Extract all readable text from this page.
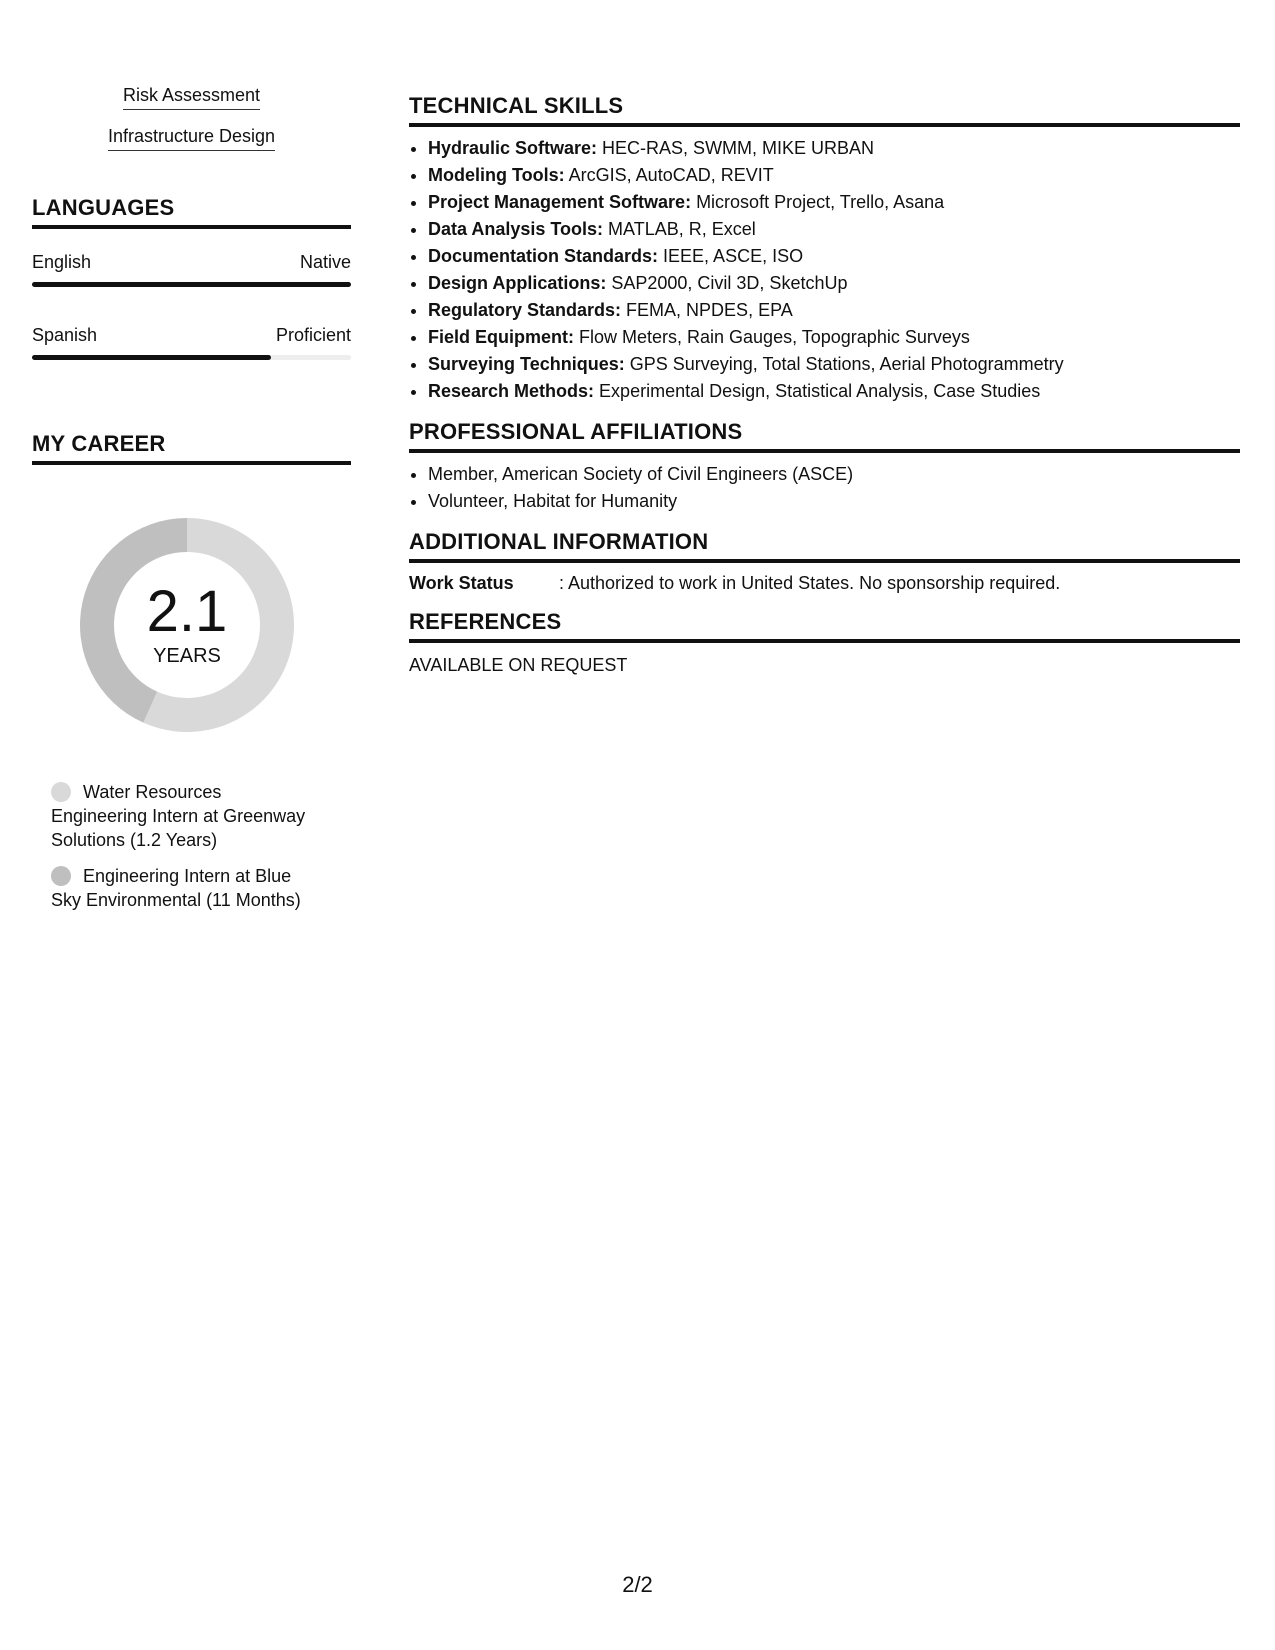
Risk Assessment
Infrastructure Design
LANGUAGES
English	Native
Spanish	Proficient
MY CAREER
2.1
YEARS
Water Resources Engineering Intern at Greenway Solutions (1.2 Years)
Engineering Intern at Blue Sky Environmental (11 Months)
TECHNICAL SKILLS
• Hydraulic Software: HEC-RAS, SWMM, MIKE URBAN
• Modeling Tools: ArcGIS, AutoCAD, REVIT
• Project Management Software: Microsoft Project, Trello, Asana
• Data Analysis Tools: MATLAB, R, Excel
• Documentation Standards: IEEE, ASCE, ISO
• Design Applications: SAP2000, Civil 3D, SketchUp
• Regulatory Standards: FEMA, NPDES, EPA
• Field Equipment: Flow Meters, Rain Gauges, Topographic Surveys
• Surveying Techniques: GPS Surveying, Total Stations, Aerial Photogrammetry
• Research Methods: Experimental Design, Statistical Analysis, Case Studies
PROFESSIONAL AFFILIATIONS
• Member, American Society of Civil Engineers (ASCE)
• Volunteer, Habitat for Humanity
ADDITIONAL INFORMATION
Work Status	: Authorized to work in United States. No sponsorship required.
REFERENCES
AVAILABLE ON REQUEST
2/2
